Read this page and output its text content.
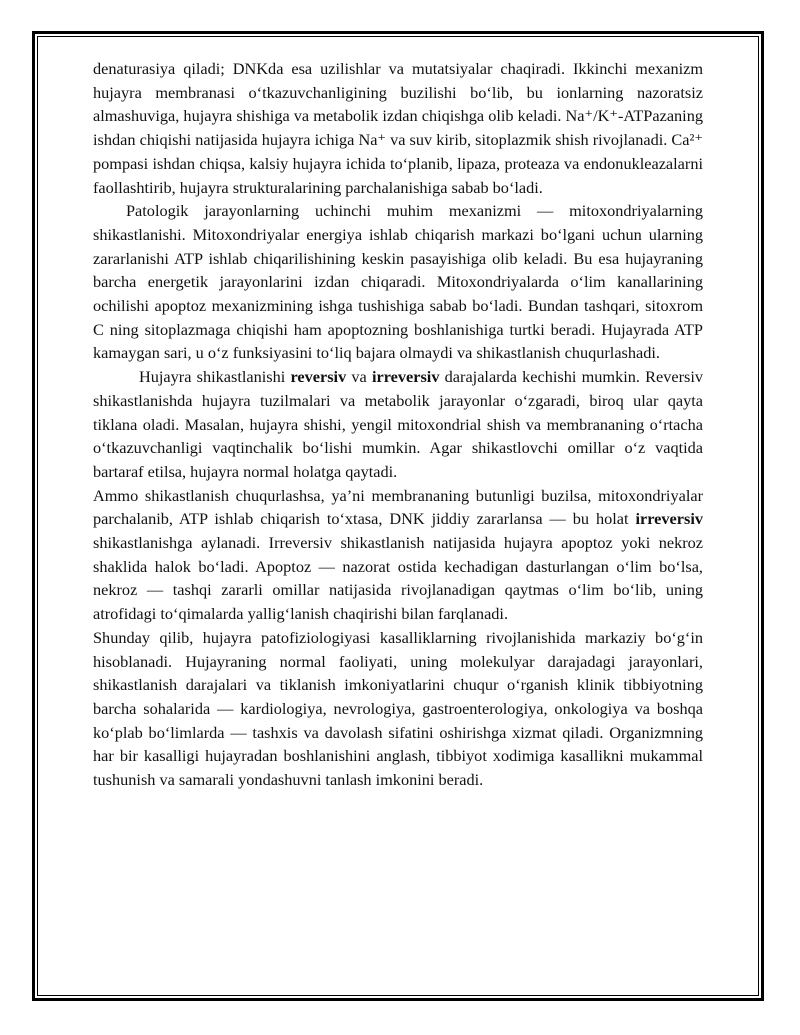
denaturasiya qiladi; DNKda esa uzilishlar va mutatsiyalar chaqiradi. Ikkinchi mexanizm hujayra membranasi o‘tkazuvchanligining buzilishi bo‘lib, bu ionlarning nazoratsiz almashuviga, hujayra shishiga va metabolik izdan chiqishga olib keladi. Na⁺/K⁺-ATPazaning ishdan chiqishi natijasida hujayra ichiga Na⁺ va suv kirib, sitoplazmik shish rivojlanadi. Ca²⁺ pompasi ishdan chiqsa, kalsiy hujayra ichida to‘planib, lipaza, proteaza va endonukleazalarni faollashtirib, hujayra strukturalarining parchalanishiga sabab bo‘ladi.

Patologik jarayonlarning uchinchi muhim mexanizmi — mitoxondriyalarning shikastlanishi. Mitoxondriyalar energiya ishlab chiqarish markazi bo‘lgani uchun ularning zararlanishi ATP ishlab chiqarilishining keskin pasayishiga olib keladi. Bu esa hujayraning barcha energetik jarayonlarini izdan chiqaradi. Mitoxondriyalarda o‘lim kanallarining ochilishi apoptoz mexanizmining ishga tushishiga sabab bo‘ladi. Bundan tashqari, sitoxrom C ning sitoplazmaga chiqishi ham apoptozning boshlanishiga turtki beradi. Hujayrada ATP kamaygan sari, u o‘z funksiyasini to‘liq bajara olmaydi va shikastlanish chuqurlashadi.

Hujayra shikastlanishi reversiv va irreversiv darajalarda kechishi mumkin. Reversiv shikastlanishda hujayra tuzilmalari va metabolik jarayonlar o‘zgaradi, biroq ular qayta tiklana oladi. Masalan, hujayra shishi, yengil mitoxondrial shish va membrananing o‘rtacha o‘tkazuvchanligi vaqtinchalik bo‘lishi mumkin. Agar shikastlovchi omillar o‘z vaqtida bartaraf etilsa, hujayra normal holatga qaytadi.

Ammo shikastlanish chuqurlashsa, ya’ni membrananing butunligi buzilsa, mitoxondriyalar parchalanib, ATP ishlab chiqarish to‘xtasa, DNK jiddiy zararlansa — bu holat irreversiv shikastlanishga aylanadi. Irreversiv shikastlanish natijasida hujayra apoptoz yoki nekroz shaklida halok bo‘ladi. Apoptoz — nazorat ostida kechadigan dasturlangan o‘lim bo‘lsa, nekroz — tashqi zararli omillar natijasida rivojlanadigan qaytmas o‘lim bo‘lib, uning atrofidagi to‘qimalarda yallig‘lanish chaqirishi bilan farqlanadi.

Shunday qilib, hujayra patofiziologiyasi kasalliklarning rivojlanishida markaziy bo‘g‘in hisoblanadi. Hujayraning normal faoliyati, uning molekulyar darajadagi jarayonlari, shikastlanish darajalari va tiklanish imkoniyatlarini chuqur o‘rganish klinik tibbiyotning barcha sohalarida — kardiologiya, nevrologiya, gastroenterologiya, onkologiya va boshqa ko‘plab bo‘limlarda — tashxis va davolash sifatini oshirishga xizmat qiladi. Organizmning har bir kasalligi hujayradan boshlanishini anglash, tibbiyot xodimiga kasallikni mukammal tushunish va samarali yondashuvni tanlash imkonini beradi.
